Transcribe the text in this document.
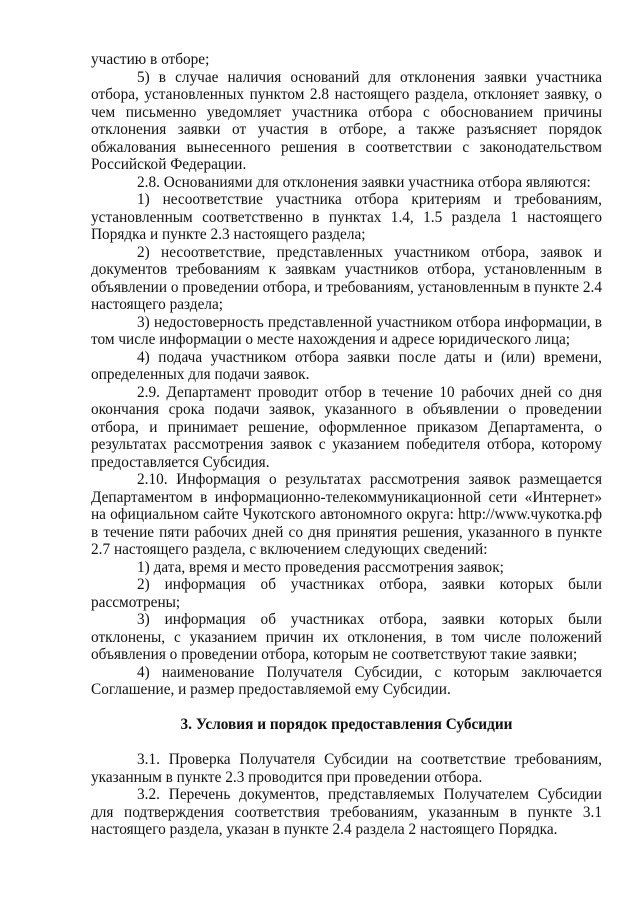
участию в отборе;

5) в случае наличия оснований для отклонения заявки участника отбора, установленных пунктом 2.8 настоящего раздела, отклоняет заявку, о чем письменно уведомляет участника отбора с обоснованием причины отклонения заявки от участия в отборе, а также разъясняет порядок обжалования вынесенного решения в соответствии с законодательством Российской Федерации.

2.8. Основаниями для отклонения заявки участника отбора являются:

1) несоответствие участника отбора критериям и требованиям, установленным соответственно в пунктах 1.4, 1.5 раздела 1 настоящего Порядка и пункте 2.3 настоящего раздела;

2) несоответствие, представленных участником отбора, заявок и документов требованиям к заявкам участников отбора, установленным в объявлении о проведении отбора, и требованиям, установленным в пункте 2.4 настоящего раздела;

3) недостоверность представленной участником отбора информации, в том числе информации о месте нахождения и адресе юридического лица;

4) подача участником отбора заявки после даты и (или) времени, определенных для подачи заявок.

2.9. Департамент проводит отбор в течение 10 рабочих дней со дня окончания срока подачи заявок, указанного в объявлении о проведении отбора, и принимает решение, оформленное приказом Департамента, о результатах рассмотрения заявок с указанием победителя отбора, которому предоставляется Субсидия.

2.10. Информация о результатах рассмотрения заявок размещается Департаментом в информационно-телекоммуникационной сети «Интернет» на официальном сайте Чукотского автономного округа: http://www.чукотка.рф в течение пяти рабочих дней со дня принятия решения, указанного в пункте 2.7 настоящего раздела, с включением следующих сведений:

1) дата, время и место проведения рассмотрения заявок;

2) информация об участниках отбора, заявки которых были рассмотрены;

3) информация об участниках отбора, заявки которых были отклонены, с указанием причин их отклонения, в том числе положений объявления о проведении отбора, которым не соответствуют такие заявки;

4) наименование Получателя Субсидии, с которым заключается Соглашение, и размер предоставляемой ему Субсидии.

3. Условия и порядок предоставления Субсидии

3.1. Проверка Получателя Субсидии на соответствие требованиям, указанным в пункте 2.3 проводится при проведении отбора.

3.2. Перечень документов, представляемых Получателем Субсидии для подтверждения соответствия требованиям, указанным в пункте 3.1 настоящего раздела, указан в пункте 2.4 раздела 2 настоящего Порядка.
